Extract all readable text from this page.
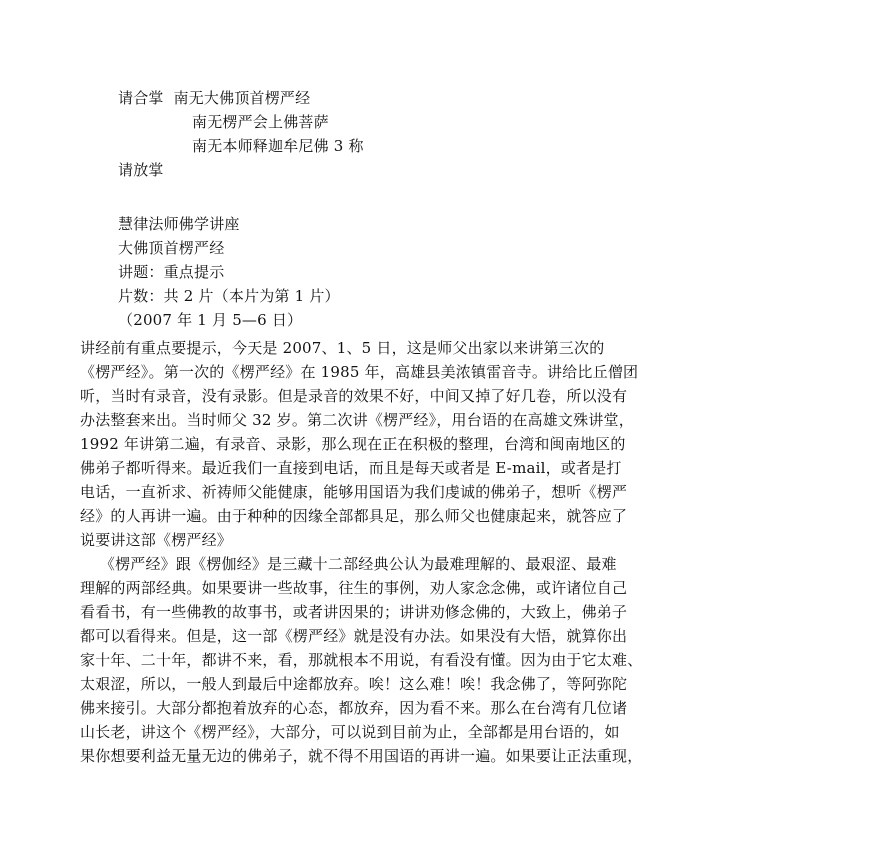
请合掌  南无大佛顶首楞严经
南无楞严会上佛菩萨
南无本师释迦牟尼佛 3 称
请放掌
慧律法师佛学讲座
大佛顶首楞严经
讲题：重点提示
片数：共 2 片（本片为第 1 片）
（2007 年 1 月 5—6 日）
讲经前有重点要提示，今天是 2007、1、5 日，这是师父出家以来讲第三次的
《楞严经》。第一次的《楞严经》在 1985 年，高雄县美浓镇雷音寺。讲给比丘僧团
听，当时有录音，没有录影。但是录音的效果不好，中间又掉了好几卷，所以没有
办法整套来出。当时师父 32 岁。第二次讲《楞严经》，用台语的在高雄文殊讲堂，
1992 年讲第二遍，有录音、录影，那么现在正在积极的整理，台湾和闽南地区的
佛弟子都听得来。最近我们一直接到电话，而且是每天或者是 E-mail，或者是打
电话，一直祈求、祈祷师父能健康，能够用国语为我们虔诚的佛弟子，想听《楞严
经》的人再讲一遍。由于种种的因缘全部都具足，那么师父也健康起来，就答应了
说要讲这部《楞严经》
《楞严经》跟《楞伽经》是三藏十二部经典公认为最难理解的、最艰涩、最难
理解的两部经典。如果要讲一些故事，往生的事例，劝人家念念佛，或许诸位自己
看看书，有一些佛教的故事书，或者讲因果的；讲讲劝修念佛的，大致上，佛弟子
都可以看得来。但是，这一部《楞严经》就是没有办法。如果没有大悟，就算你出
家十年、二十年，都讲不来，看，那就根本不用说，有看没有懂。因为由于它太难、
太艰涩，所以，一般人到最后中途都放弃。唉！这么难！唉！我念佛了，等阿弥陀
佛来接引。大部分都抱着放弃的心态，都放弃，因为看不来。那么在台湾有几位诸
山长老，讲这个《楞严经》，大部分，可以说到目前为止，全部都是用台语的，如
果你想要利益无量无边的佛弟子，就不得不用国语的再讲一遍。如果要让正法重现，
